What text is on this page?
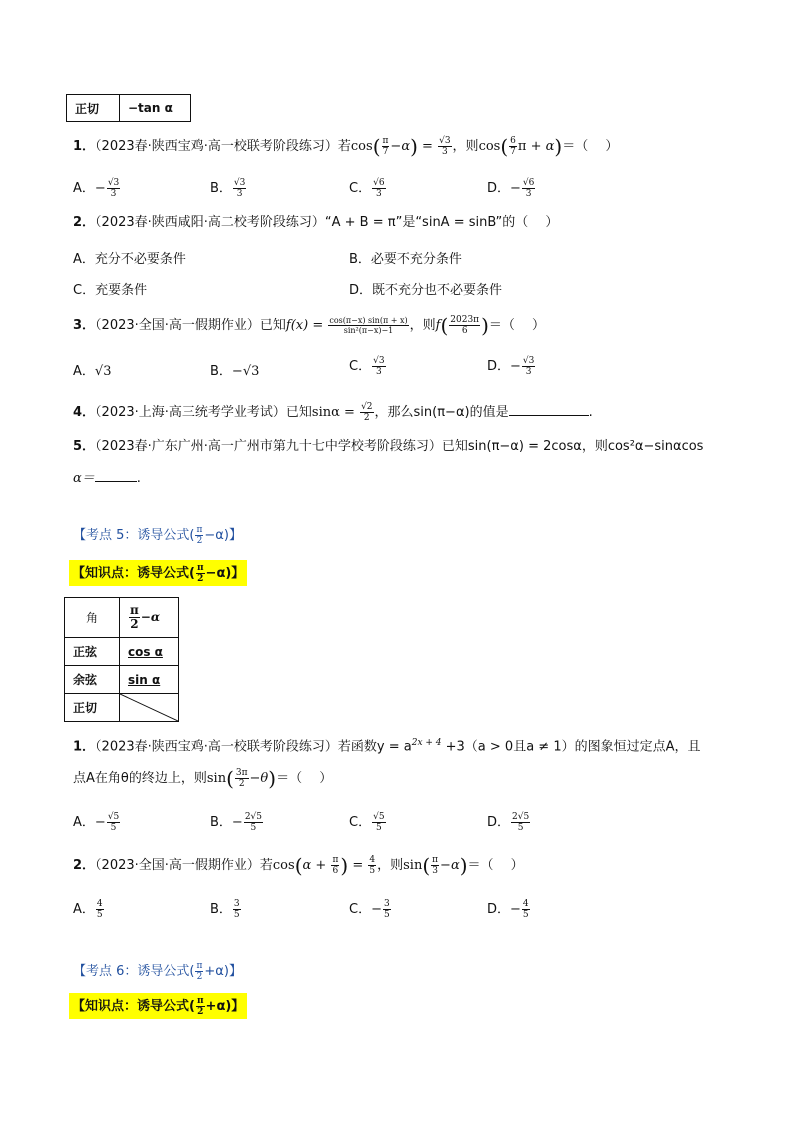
正切	−tan α
1．（2023春·陕西宝鸡·高一校联考阶段练习）若$\cos( \frac{\pi}{7} -\alpha) = \frac{√3}{3}$ ，则$\cos( \frac{6}{7}$ π + α)＝（　 ）
A．− $\frac{√3}{3}$	B． $\frac{√3}{3}$	C． $\frac{√6}{3}$	D．− $\frac{√6}{3}$
2．（2023春·陕西咸阳·高二校考阶段练习）“A + B = π”是“sinA = sinB”的（　 ）
A．充分不必要条件	B．必要不充分条件
C．充要条件	D．既不充分也不必要条件
3．（2023·全国·高一假期作业）已知$f(x) = \frac{\cos(\pi-x) \sin(\pi + x)}{\text{sin²(π−x)−1}}$ ，则$f( \frac{2023\pi}{6}$ )＝（　 ）
A．√3	B．−√3	C． $\frac{√3}{3}$	D．− $\frac{√3}{3}$
4．（2023·上海·高三统考学业考试）已知$\sin\alpha = \frac{√2}{2}$ ，那么sin(π−α)的值是	.
5．（2023春·广东广州·高一广州市第九十七中学校考阶段练习）已知sin(π−α) = 2cosα，则cos²α−sinαcos
α＝	.
【考点 5：诱导公式( $\frac{\pi}{2} -\alpha$)】
【知识点：诱导公式( $\frac{\pi}{2} -\alpha$)】
角	$\frac{\pi}{2} -\alpha$
正弦	cos α
余弦	sin α
正切	
1．（2023春·陕西宝鸡·高一校联考阶段练习）若函数$y = a^{2x + 4} +3(a > 0$且a ≠ 1）的图象恒过定点A，且
点A在角θ的终边上，则$\sin( \frac{3\pi}{2} -\theta)=$（　 ）
A．− $\frac{√5}{5}$	B．− $\frac{2√5}{5}$	C． $\frac{√5}{5}$	D． $\frac{2√5}{5}$
2．（2023·全国·高一假期作业）若$\cos(\alpha + \frac{\pi}{6}$ ) = $\frac{4}{5}$ ，则$\sin( \frac{\pi}{3} -\alpha)=$（　 ）
A． $\frac{4}{5}$	B． $\frac{3}{5}$	C．− $\frac{3}{5}$	D．− $\frac{4}{5}$
【考点 6：诱导公式( $\frac{\pi}{2} +\alpha$)】
【知识点：诱导公式( $\frac{\pi}{2} +\alpha$)】
